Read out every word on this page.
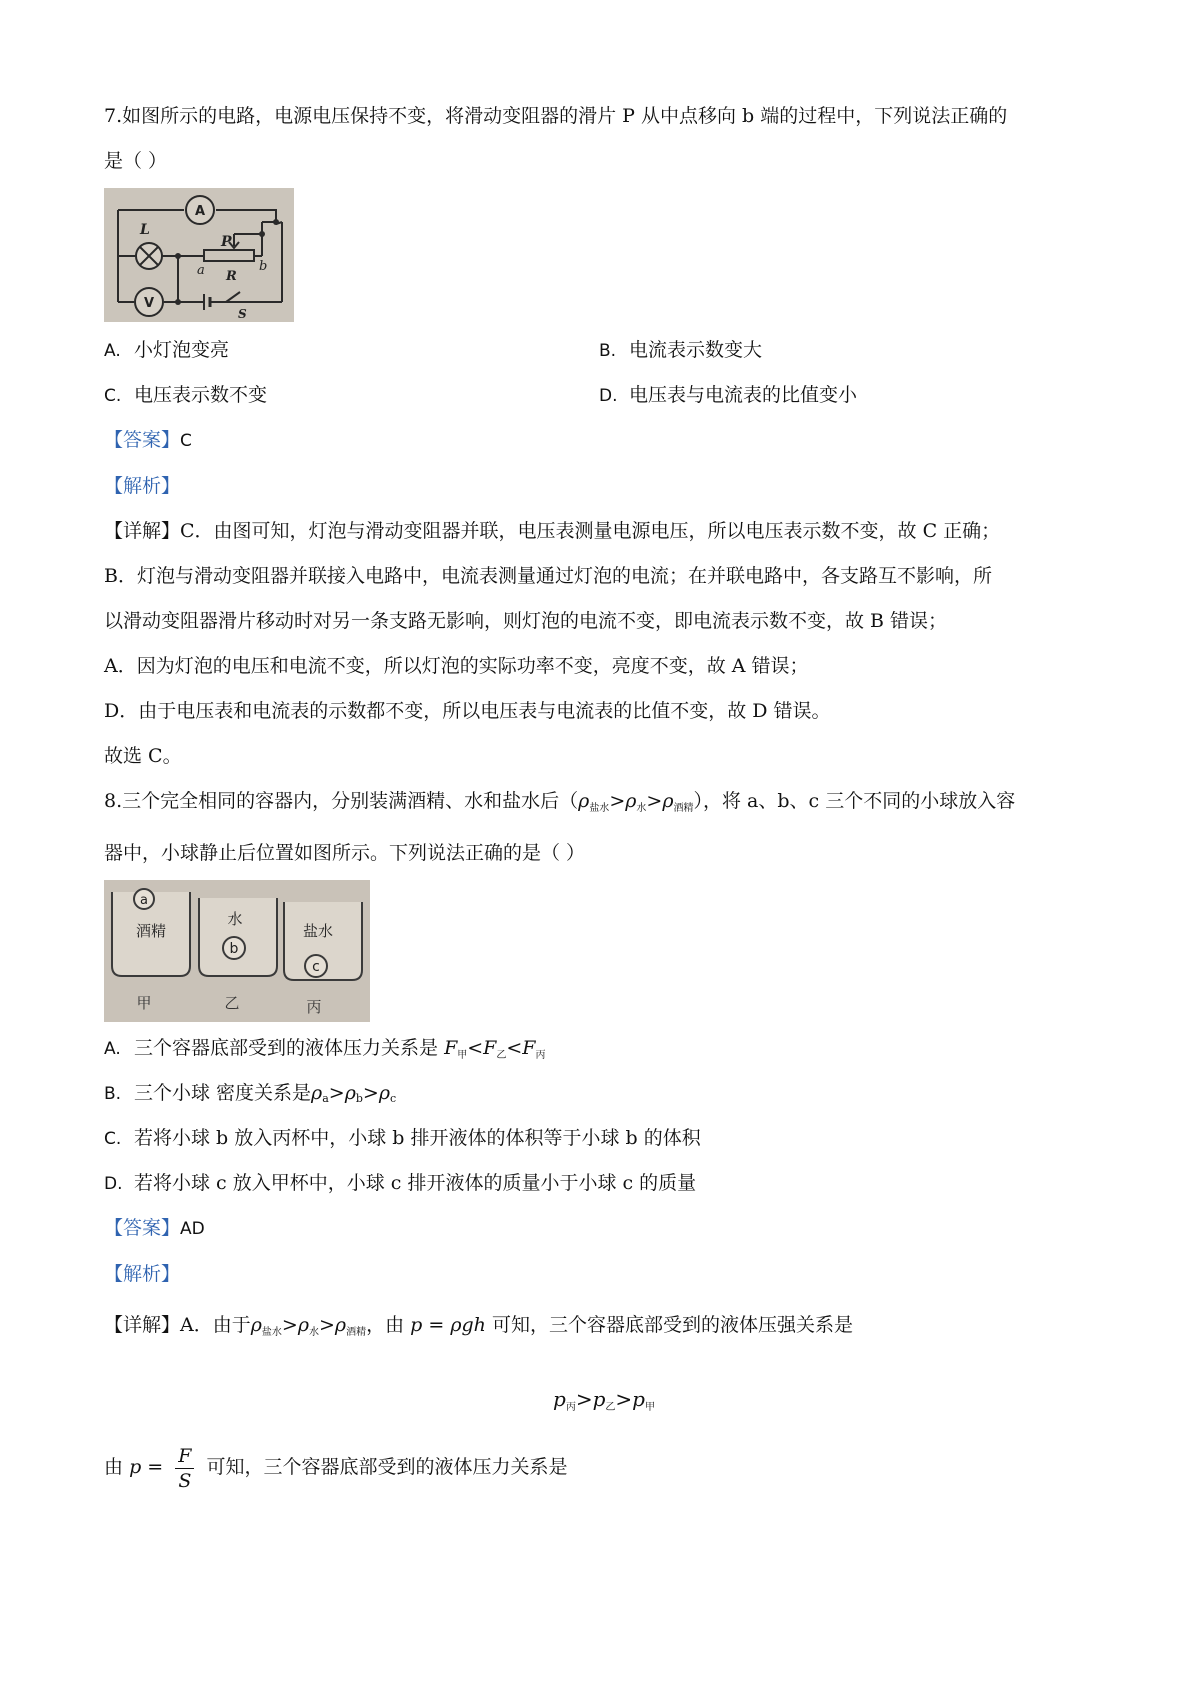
7.如图所示的电路，电源电压保持不变，将滑动变阻器的滑片 P 从中点移向 b 端的过程中，下列说法正确的

是（ ）

A
L
V
P
a R
b
S
A. 小灯泡变亮	B. 电流表示数变大
C. 电压表示数不变	D. 电压表与电流表的比值变小

【答案】C

【解析】

【详解】C．由图可知，灯泡与滑动变阻器并联，电压表测量电源电压，所以电压表示数不变，故 C 正确；

B．灯泡与滑动变阻器并联接入电路中，电流表测量通过灯泡的电流；在并联电路中，各支路互不影响，所

以滑动变阻器滑片移动时对另一条支路无影响，则灯泡的电流不变，即电流表示数不变，故 B 错误；

A．因为灯泡的电压和电流不变，所以灯泡的实际功率不变，亮度不变，故 A 错误；

D．由于电压表和电流表的示数都不变，所以电压表与电流表的比值不变，故 D 错误。

故选 C。

8.三个完全相同的容器内，分别装满酒精、水和盐水后$(\rho_{盐水}>\rho_水>\rho_{酒精})$，将 a、b、c 三个不同的小球放入容

器中，小球静止后位置如图所示。下列说法正确的是（ ）

a
酒精
水
b
盐水
c
甲	乙	丙
A. 三个容器底部受到的液体压力关系是 $F_甲<F_乙<F_丙$
B. 三个小球 密度关系是$\rho_a>\rho_b>\rho_c$
C. 若将小球 b 放入丙杯中，小球 b 排开液体的体积等于小球 b 的体积
D. 若将小球 c 放入甲杯中，小球 c 排开液体的质量小于小球 c 的质量

【答案】AD

【解析】

【详解】A．由于$\rho_{盐水}>\rho_水>\rho_{酒精}$，由 p = ρgh 可知，三个容器底部受到的液体压强关系是

$p_丙>p_乙>p_甲$

由 $p = \frac{F}{S}$ 可知，三个容器底部受到的液体压力关系是
